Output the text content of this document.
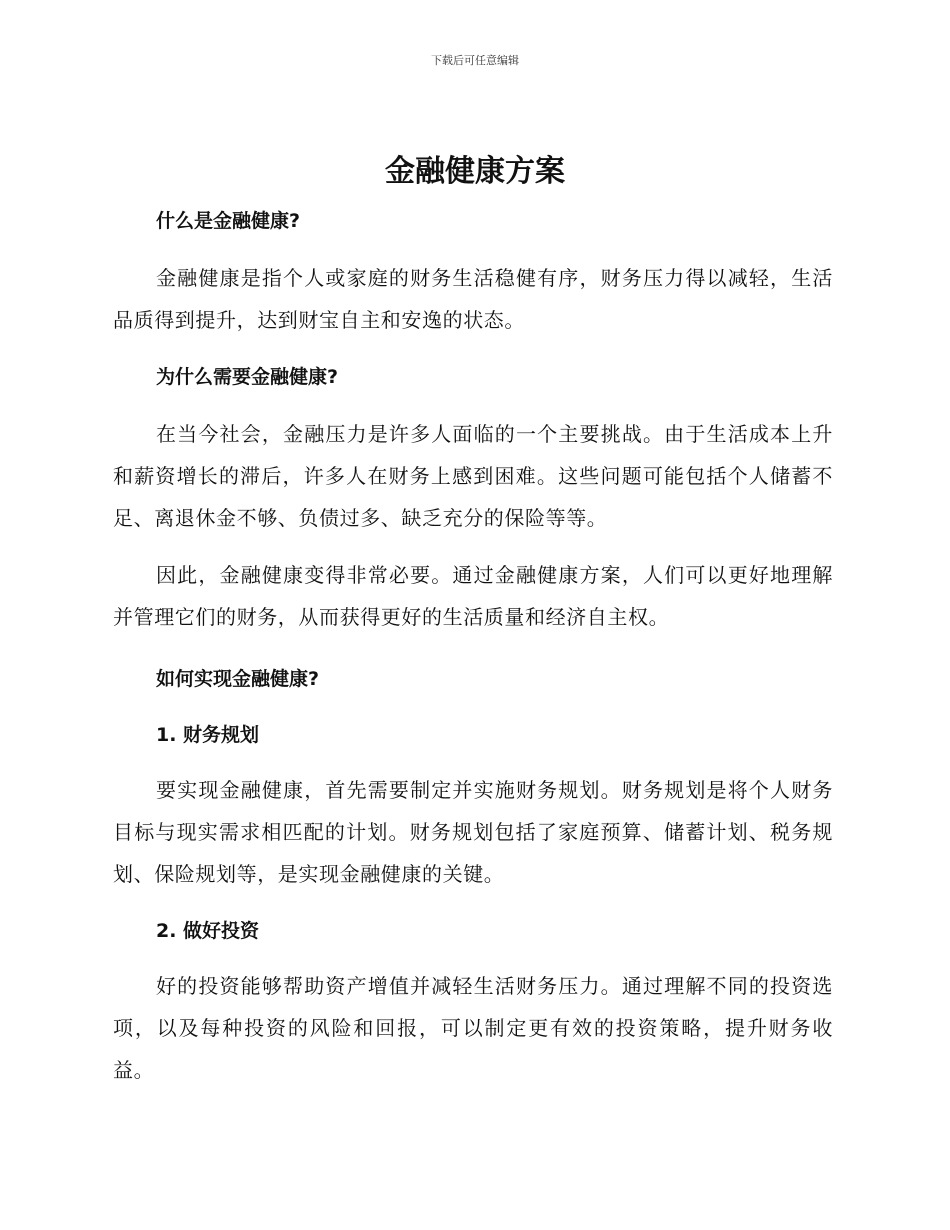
下载后可任意编辑
金融健康方案
什么是金融健康?

金融健康是指个人或家庭的财务生活稳健有序，财务压力得以减轻，生活品质得到提升，达到财宝自主和安逸的状态。

为什么需要金融健康?

在当今社会，金融压力是许多人面临的一个主要挑战。由于生活成本上升和薪资增长的滞后，许多人在财务上感到困难。这些问题可能包括个人储蓄不足、离退休金不够、负债过多、缺乏充分的保险等等。

因此，金融健康变得非常必要。通过金融健康方案，人们可以更好地理解并管理它们的财务，从而获得更好的生活质量和经济自主权。

如何实现金融健康?
1. 财务规划

要实现金融健康，首先需要制定并实施财务规划。财务规划是将个人财务目标与现实需求相匹配的计划。财务规划包括了家庭预算、储蓄计划、税务规划、保险规划等，是实现金融健康的关键。

2. 做好投资

好的投资能够帮助资产增值并减轻生活财务压力。通过理解不同的投资选项，以及每种投资的风险和回报，可以制定更有效的投资策略，提升财务收益。
